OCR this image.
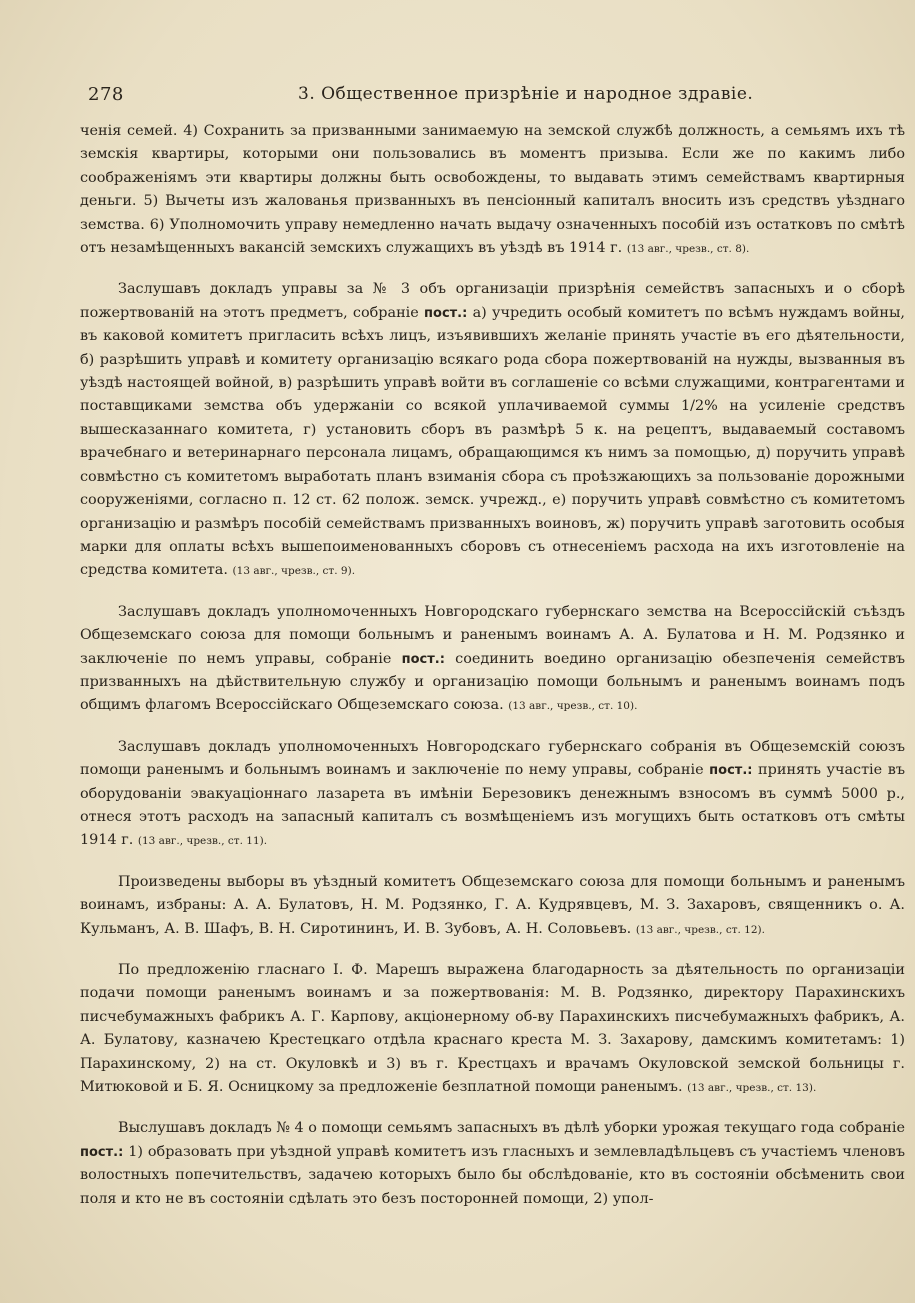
278	3. Общественное призрѣніе и народное здравіе.

ченія семей. 4) Сохранить за призванными занимаемую на земской службѣ должность, а семьямъ ихъ тѣ земскія квартиры, которыми они пользовались въ моментъ призыва. Если же по какимъ либо соображеніямъ эти квартиры должны быть освобождены, то выдавать этимъ семействамъ квартирныя деньги. 5) Вычеты изъ жалованья призванныхъ въ пенсіонный капиталъ вносить изъ средствъ уѣзднаго земства. 6) Уполномочить управу немедленно начать выдачу означенныхъ пособій изъ остатковъ по смѣтѣ отъ незамѣщенныхъ вакансій земскихъ служащихъ въ уѣздѣ въ 1914 г. (13 авг., чрезв., ст. 8).

Заслушавъ докладъ управы за № 3 объ организаціи призрѣнія семействъ запасныхъ и о сборѣ пожертвованій на этотъ предметъ, собраніе пост.: а) учредить особый комитетъ по всѣмъ нуждамъ войны, въ каковой комитетъ пригласить всѣхъ лицъ, изъявившихъ желаніе принять участіе въ его дѣятельности, б) разрѣшить управѣ и комитету организацію всякаго рода сбора пожертвованій на нужды, вызванныя въ уѣздѣ настоящей войной, в) разрѣшить управѣ войти въ соглашеніе со всѣми служащими, контрагентами и поставщиками земства объ удержаніи со всякой уплачиваемой суммы 1/2% на усиленіе средствъ вышесказаннаго комитета, г) установить сборъ въ размѣрѣ 5 к. на рецептъ, выдаваемый составомъ врачебнаго и ветеринарнаго персонала лицамъ, обращающимся къ нимъ за помощью, д) поручить управѣ совмѣстно съ комитетомъ выработать планъ взиманія сбора съ проѣзжающихъ за пользованіе дорожными сооруженіями, согласно п. 12 ст. 62 полож. земск. учрежд., е) поручить управѣ совмѣстно съ комитетомъ организацію и размѣръ пособій семействамъ призванныхъ воиновъ, ж) поручить управѣ заготовить особыя марки для оплаты всѣхъ вышепоименованныхъ сборовъ съ отнесеніемъ расхода на ихъ изготовленіе на средства комитета. (13 авг., чрезв., ст. 9).

Заслушавъ докладъ уполномоченныхъ Новгородскаго губернскаго земства на Всероссійскій съѣздъ Общеземскаго союза для помощи больнымъ и раненымъ воинамъ А. А. Булатова и Н. М. Родзянко и заключеніе по немъ управы, собраніе пост.: соединить воедино организацію обезпеченія семействъ призванныхъ на дѣйствительную службу и организацію помощи больнымъ и раненымъ воинамъ подъ общимъ флагомъ Всероссійскаго Общеземскаго союза. (13 авг., чрезв., ст. 10).

Заслушавъ докладъ уполномоченныхъ Новгородскаго губернскаго собранія въ Общеземскій союзъ помощи раненымъ и больнымъ воинамъ и заключеніе по нему управы, собраніе пост.: принять участіе въ оборудованіи эвакуаціоннаго лазарета въ имѣніи Березовикъ денежнымъ взносомъ въ суммѣ 5000 р., отнеся этотъ расходъ на запасный капиталъ съ возмѣщеніемъ изъ могущихъ быть остатковъ отъ смѣты 1914 г. (13 авг., чрезв., ст. 11).

Произведены выборы въ уѣздный комитетъ Общеземскаго союза для помощи больнымъ и раненымъ воинамъ, избраны: А. А. Булатовъ, Н. М. Родзянко, Г. А. Кудрявцевъ, М. З. Захаровъ, священникъ о. А. Кульманъ, А. В. Шафъ, В. Н. Сиротининъ, И. В. Зубовъ, А. Н. Соловьевъ. (13 авг., чрезв., ст. 12).

По предложенію гласнаго I. Ф. Марешъ выражена благодарность за дѣятельность по организаціи подачи помощи раненымъ воинамъ и за пожертвованія: М. В. Родзянко, директору Парахинскихъ писчебумажныхъ фабрикъ А. Г. Карпову, акціонерному об-ву Парахинскихъ писчебумажныхъ фабрикъ, А. А. Булатову, казначею Крестецкаго отдѣла краснаго креста М. З. Захарову, дамскимъ комитетамъ: 1) Парахинскому, 2) на ст. Окуловкѣ и 3) въ г. Крестцахъ и врачамъ Окуловской земской больницы г. Митюковой и Б. Я. Осницкому за предложеніе безплатной помощи раненымъ. (13 авг., чрезв., ст. 13).

Выслушавъ докладъ № 4 о помощи семьямъ запасныхъ въ дѣлѣ уборки урожая текущаго года собраніе пост.: 1) образовать при уѣздной управѣ комитетъ изъ гласныхъ и землевладѣльцевъ съ участіемъ членовъ волостныхъ попечительствъ, задачею которыхъ было бы обслѣдованіе, кто въ состояніи обсѣменить свои поля и кто не въ состояніи сдѣлать это безъ посторонней помощи, 2) упол-
